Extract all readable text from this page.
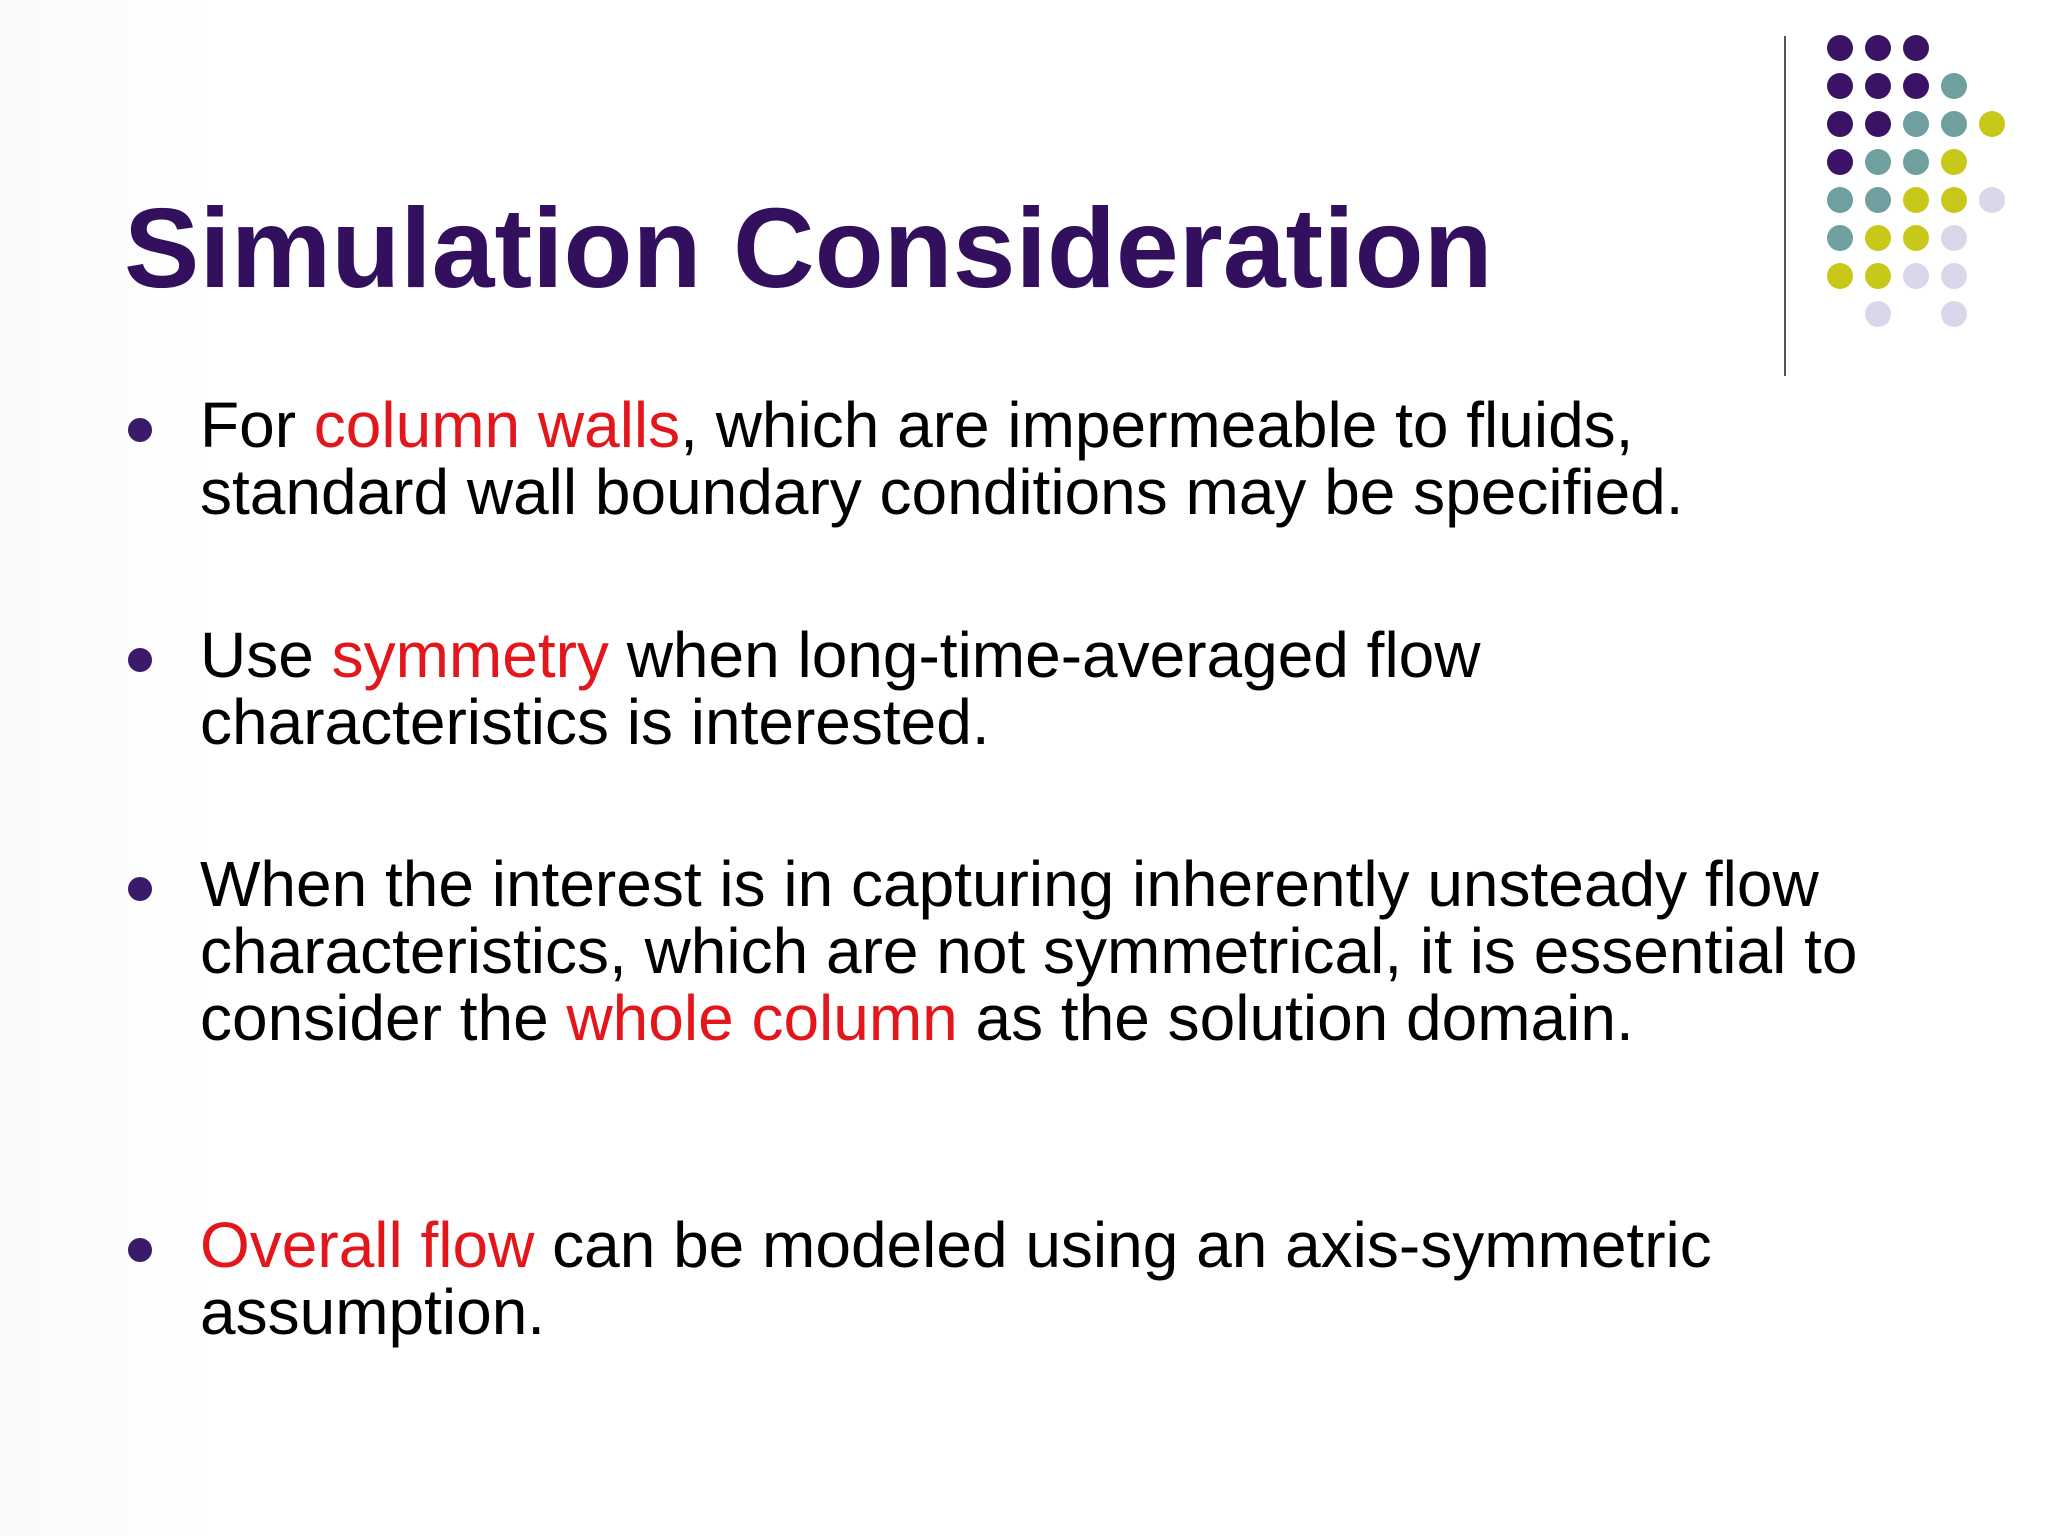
Simulation Consideration

For column walls, which are impermeable to fluids, standard wall boundary conditions may be specified.

Use symmetry when long-time-averaged flow characteristics is interested.

When the interest is in capturing inherently unsteady flow characteristics, which are not symmetrical, it is essential to consider the whole column as the solution domain.

Overall flow can be modeled using an axis-symmetric assumption.
